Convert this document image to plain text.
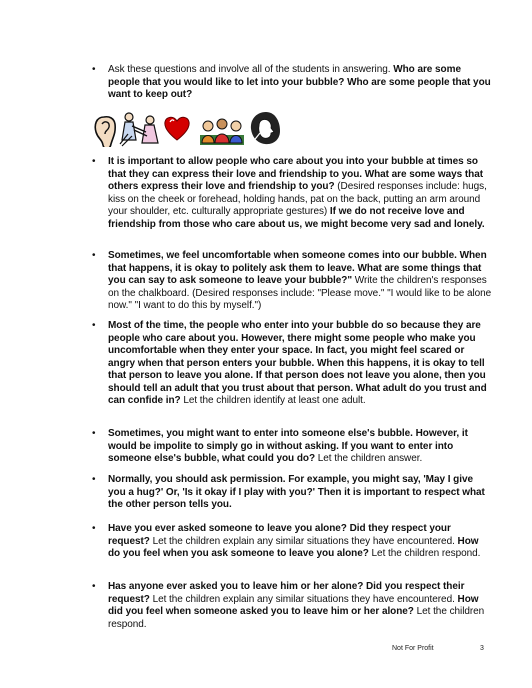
•	Ask these questions and involve all of the students in answering. Who are some people that you would like to let into your bubble? Who are some people that you want to keep out?
•	It is important to allow people who care about you into your bubble at times so that they can express their love and friendship to you. What are some ways that others express their love and friendship to you? (Desired responses include: hugs, kiss on the cheek or forehead, holding hands, pat on the back, putting an arm around your shoulder, etc. culturally appropriate gestures) If we do not receive love and friendship from those who care about us, we might become very sad and lonely.
•	Sometimes, we feel uncomfortable when someone comes into our bubble. When that happens, it is okay to politely ask them to leave. What are some things that you can say to ask someone to leave your bubble?" Write the children's responses on the chalkboard. (Desired responses include: "Please move." "I would like to be alone now." "I want to do this by myself.")
•	Most of the time, the people who enter into your bubble do so because they are people who care about you. However, there might some people who make you uncomfortable when they enter your space. In fact, you might feel scared or angry when that person enters your bubble. When this happens, it is okay to tell that person to leave you alone. If that person does not leave you alone, then you should tell an adult that you trust about that person. What adult do you trust and can confide in? Let the children identify at least one adult.
•	Sometimes, you might want to enter into someone else's bubble. However, it would be impolite to simply go in without asking. If you want to enter into someone else's bubble, what could you do? Let the children answer.
•	Normally, you should ask permission. For example, you might say, 'May I give you a hug?' Or, 'Is it okay if I play with you?' Then it is important to respect what the other person tells you.
•	Have you ever asked someone to leave you alone? Did they respect your request? Let the children explain any similar situations they have encountered. How do you feel when you ask someone to leave you alone? Let the children respond.
•	Has anyone ever asked you to leave him or her alone? Did you respect their request? Let the children explain any similar situations they have encountered. How did you feel when someone asked you to leave him or her alone? Let the children respond.
Not For Profit	3
